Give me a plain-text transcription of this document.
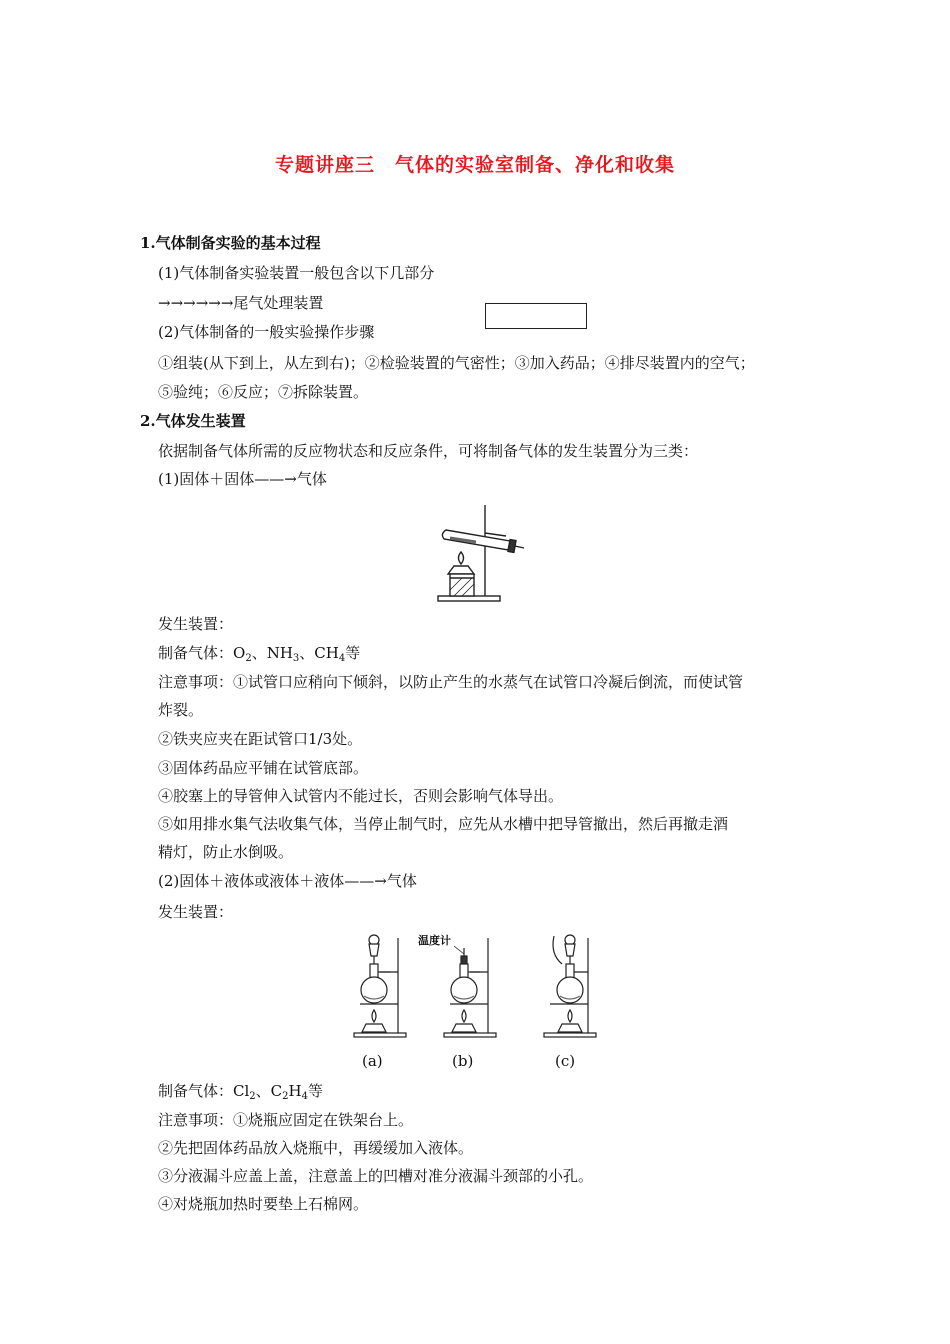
专题讲座三　气体的实验室制备、净化和收集
1.气体制备实验的基本过程
(1)气体制备实验装置一般包含以下几部分
→→→→→→尾气处理装置
(2)气体制备的一般实验操作步骤
①组装(从下到上，从左到右)；②检验装置的气密性；③加入药品；④排尽装置内的空气；
⑤验纯；⑥反应；⑦拆除装置。
2.气体发生装置
依据制备气体所需的反应物状态和反应条件，可将制备气体的发生装置分为三类：
(1)固体＋固体——→气体
发生装置：
制备气体：$O_2$、$NH_3$、$CH_4$等
注意事项：①试管口应稍向下倾斜，以防止产生的水蒸气在试管口冷凝后倒流，而使试管
炸裂。
②铁夹应夹在距试管口1/3处。
③固体药品应平铺在试管底部。
④胶塞上的导管伸入试管内不能过长，否则会影响气体导出。
⑤如用排水集气法收集气体，当停止制气时，应先从水槽中把导管撤出，然后再撤走酒
精灯，防止水倒吸。
(2)固体＋液体或液体＋液体——→气体
发生装置：
温度计
(a)	(b)	(c)
制备气体：$Cl_2$、$C_2H_4$等
注意事项：①烧瓶应固定在铁架台上。
②先把固体药品放入烧瓶中，再缓缓加入液体。
③分液漏斗应盖上盖，注意盖上的凹槽对准分液漏斗颈部的小孔。
④对烧瓶加热时要垫上石棉网。
